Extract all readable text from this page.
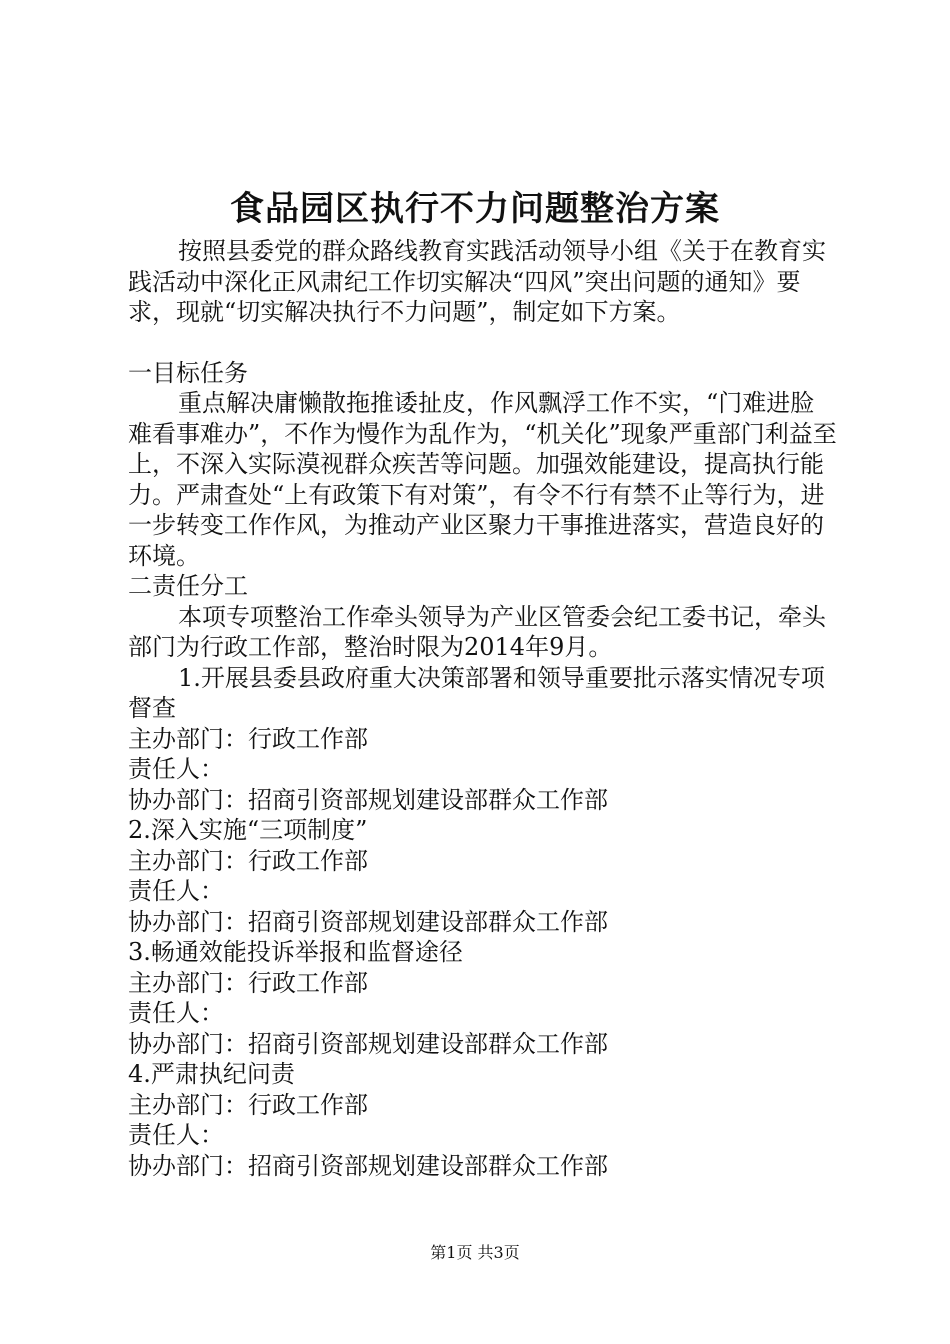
食品园区执行不力问题整治方案

按照县委党的群众路线教育实践活动领导小组《关于在教育实践活动中深化正风肃纪工作切实解决“四风”突出问题的通知》要求，现就“切实解决执行不力问题”，制定如下方案。

一目标任务

重点解决庸懒散拖推诿扯皮，作风飘浮工作不实，“门难进脸难看事难办”，不作为慢作为乱作为，“机关化”现象严重部门利益至上，不深入实际漠视群众疾苦等问题。加强效能建设，提高执行能力。严肃查处“上有政策下有对策”，有令不行有禁不止等行为，进一步转变工作作风，为推动产业区聚力干事推进落实，营造良好的环境。

二责任分工

本项专项整治工作牵头领导为产业区管委会纪工委书记，牵头部门为行政工作部，整治时限为2014年9月。

1.开展县委县政府重大决策部署和领导重要批示落实情况专项督查

主办部门：行政工作部

责任人：

协办部门：招商引资部规划建设部群众工作部

2.深入实施“三项制度”

主办部门：行政工作部

责任人：

协办部门：招商引资部规划建设部群众工作部

3.畅通效能投诉举报和监督途径

主办部门：行政工作部

责任人：

协办部门：招商引资部规划建设部群众工作部

4.严肃执纪问责

主办部门：行政工作部

责任人：

协办部门：招商引资部规划建设部群众工作部

第1页 共3页
